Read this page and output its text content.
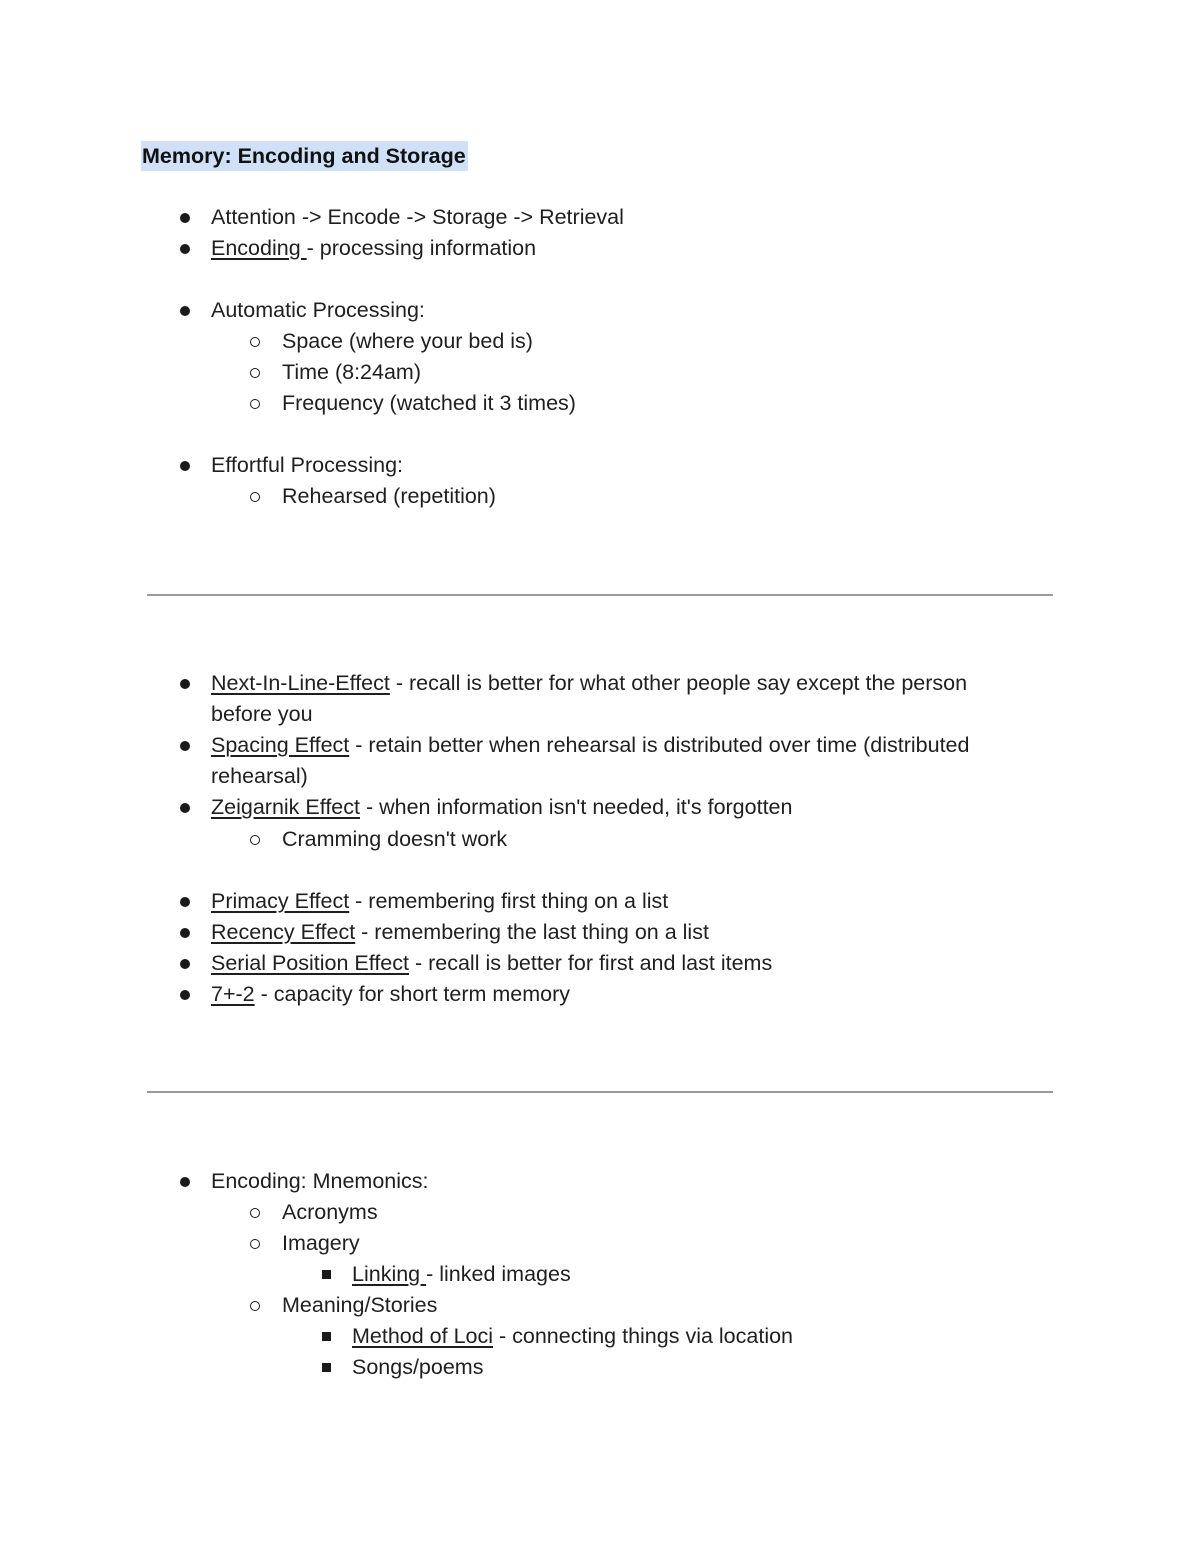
Memory: Encoding and Storage
Attention -> Encode -> Storage -> Retrieval
Encoding - processing information
Automatic Processing:
Space (where your bed is)
Time (8:24am)
Frequency (watched it 3 times)
Effortful Processing:
Rehearsed (repetition)
Next-In-Line-Effect - recall is better for what other people say except the person
before you
Spacing Effect - retain better when rehearsal is distributed over time (distributed
rehearsal)
Zeigarnik Effect - when information isn't needed, it's forgotten
Cramming doesn't work
Primacy Effect - remembering first thing on a list
Recency Effect - remembering the last thing on a list
Serial Position Effect - recall is better for first and last items
7+-2 - capacity for short term memory
Encoding: Mnemonics:
Acronyms
Imagery
Linking - linked images
Meaning/Stories
Method of Loci - connecting things via location
Songs/poems
